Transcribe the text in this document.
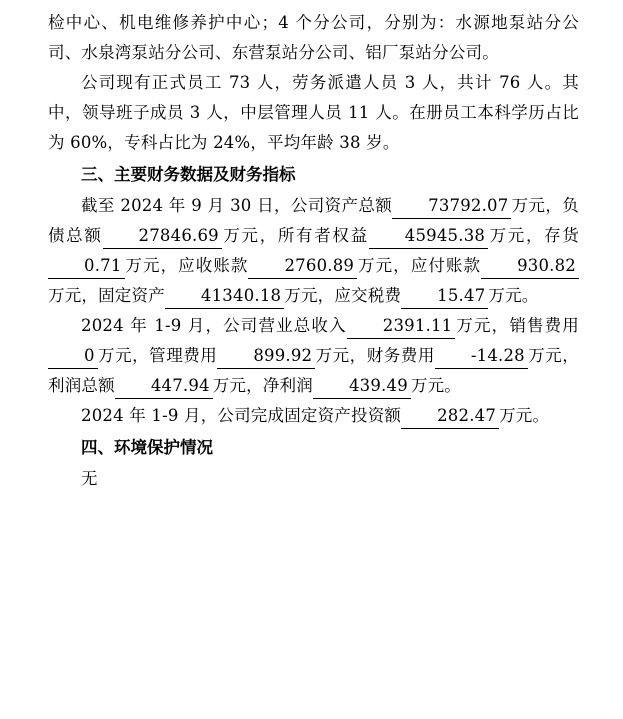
检中心、机电维修养护中心；4 个分公司，分别为：水源地泵站分公司、水泉湾泵站分公司、东营泵站分公司、铝厂泵站分公司。
公司现有正式员工 73 人，劳务派遣人员 3 人，共计 76 人。其中，领导班子成员 3 人，中层管理人员 11 人。在册员工本科学历占比为 60%，专科占比为 24%，平均年龄 38 岁。
三、主要财务数据及财务指标
截至 2024 年 9 月 30 日，公司资产总额 73792.07 万元，负债总额 27846.69 万元，所有者权益 45945.38 万元，存货0.71 万元，应收账款 2760.89 万元，应付账款 930.82万元，固定资产 41340.18 万元，应交税费 15.47 万元。
2024 年 1-9 月，公司营业总收入 2391.11 万元，销售费用0 万元，管理费用 899.92 万元，财务费用 -14.28 万元，利润总额 447.94 万元，净利润 439.49 万元。
2024 年 1-9 月，公司完成固定资产投资额 282.47 万元。
四、环境保护情况
无
